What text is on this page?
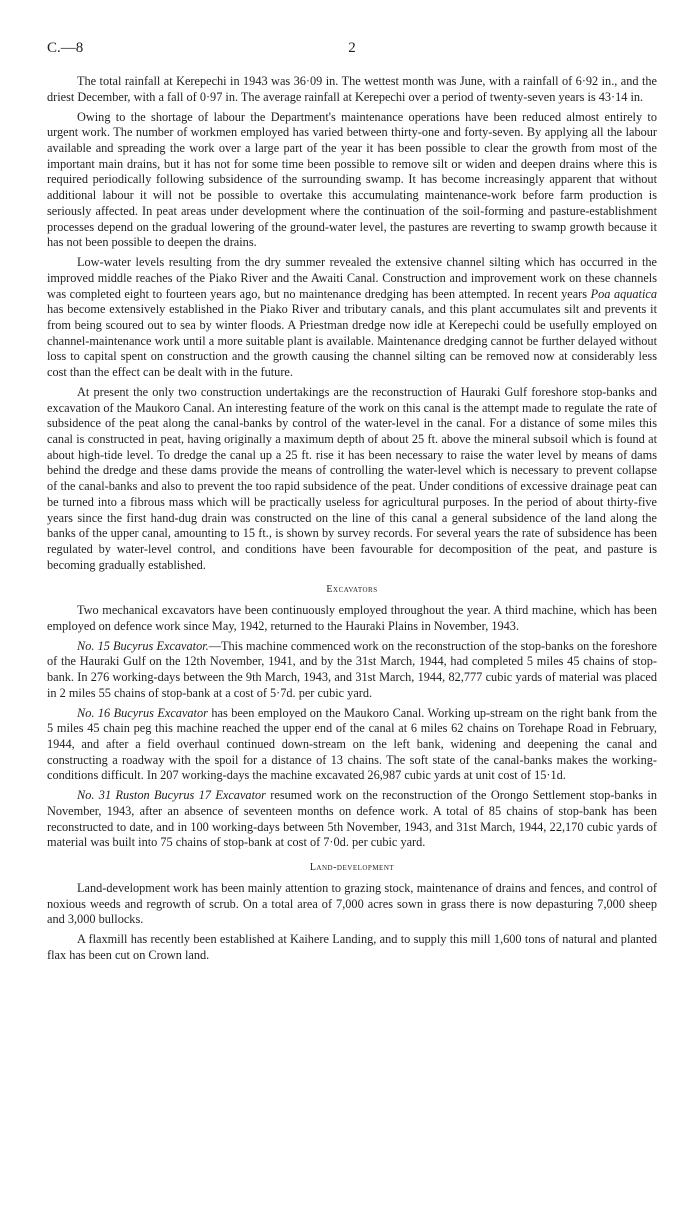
C.—8	2

The total rainfall at Kerepechi in 1943 was 36·09 in. The wettest month was June, with a rainfall of 6·92 in., and the driest December, with a fall of 0·97 in. The average rainfall at Kerepechi over a period of twenty-seven years is 43·14 in.

Owing to the shortage of labour the Department's maintenance operations have been reduced almost entirely to urgent work. The number of workmen employed has varied between thirty-one and forty-seven. By applying all the labour available and spreading the work over a large part of the year it has been possible to clear the growth from most of the important main drains, but it has not for some time been possible to remove silt or widen and deepen drains where this is required periodically following subsidence of the surrounding swamp. It has become increasingly apparent that without additional labour it will not be possible to overtake this accumulating maintenance-work before farm production is seriously affected. In peat areas under development where the continuation of the soil-forming and pasture-establishment processes depend on the gradual lowering of the ground-water level, the pastures are reverting to swamp growth because it has not been possible to deepen the drains.

Low-water levels resulting from the dry summer revealed the extensive channel silting which has occurred in the improved middle reaches of the Piako River and the Awaiti Canal. Construction and improvement work on these channels was completed eight to fourteen years ago, but no maintenance dredging has been attempted. In recent years Poa aquatica has become extensively established in the Piako River and tributary canals, and this plant accumulates silt and prevents it from being scoured out to sea by winter floods. A Priestman dredge now idle at Kerepechi could be usefully employed on channel-maintenance work until a more suitable plant is available. Maintenance dredging cannot be further delayed without loss to capital spent on construction and the growth causing the channel silting can be removed now at considerably less cost than the effect can be dealt with in the future.

At present the only two construction undertakings are the reconstruction of Hauraki Gulf foreshore stop-banks and excavation of the Maukoro Canal. An interesting feature of the work on this canal is the attempt made to regulate the rate of subsidence of the peat along the canal-banks by control of the water-level in the canal. For a distance of some miles this canal is constructed in peat, having originally a maximum depth of about 25 ft. above the mineral subsoil which is found at about high-tide level. To dredge the canal up a 25 ft. rise it has been necessary to raise the water level by means of dams behind the dredge and these dams provide the means of controlling the water-level which is necessary to prevent collapse of the canal-banks and also to prevent the too rapid subsidence of the peat. Under conditions of excessive drainage peat can be turned into a fibrous mass which will be practically useless for agricultural purposes. In the period of about thirty-five years since the first hand-dug drain was constructed on the line of this canal a general subsidence of the land along the banks of the upper canal, amounting to 15 ft., is shown by survey records. For several years the rate of subsidence has been regulated by water-level control, and conditions have been favourable for decomposition of the peat, and pasture is becoming gradually established.

Excavators

Two mechanical excavators have been continuously employed throughout the year. A third machine, which has been employed on defence work since May, 1942, returned to the Hauraki Plains in November, 1943.

No. 15 Bucyrus Excavator.—This machine commenced work on the reconstruction of the stop-banks on the foreshore of the Hauraki Gulf on the 12th November, 1941, and by the 31st March, 1944, had completed 5 miles 45 chains of stop-bank. In 276 working-days between the 9th March, 1943, and 31st March, 1944, 82,777 cubic yards of material was placed in 2 miles 55 chains of stop-bank at a cost of 5·7d. per cubic yard.

No. 16 Bucyrus Excavator has been employed on the Maukoro Canal. Working up-stream on the right bank from the 5 miles 45 chain peg this machine reached the upper end of the canal at 6 miles 62 chains on Torehape Road in February, 1944, and after a field overhaul continued down-stream on the left bank, widening and deepening the canal and constructing a roadway with the spoil for a distance of 13 chains. The soft state of the canal-banks makes the working-conditions difficult. In 207 working-days the machine excavated 26,987 cubic yards at unit cost of 15·1d.

No. 31 Ruston Bucyrus 17 Excavator resumed work on the reconstruction of the Orongo Settlement stop-banks in November, 1943, after an absence of seventeen months on defence work. A total of 85 chains of stop-bank has been reconstructed to date, and in 100 working-days between 5th November, 1943, and 31st March, 1944, 22,170 cubic yards of material was built into 75 chains of stop-bank at cost of 7·0d. per cubic yard.

Land-development

Land-development work has been mainly attention to grazing stock, maintenance of drains and fences, and control of noxious weeds and regrowth of scrub. On a total area of 7,000 acres sown in grass there is now depasturing 7,000 sheep and 3,000 bullocks.

A flaxmill has recently been established at Kaihere Landing, and to supply this mill 1,600 tons of natural and planted flax has been cut on Crown land.
